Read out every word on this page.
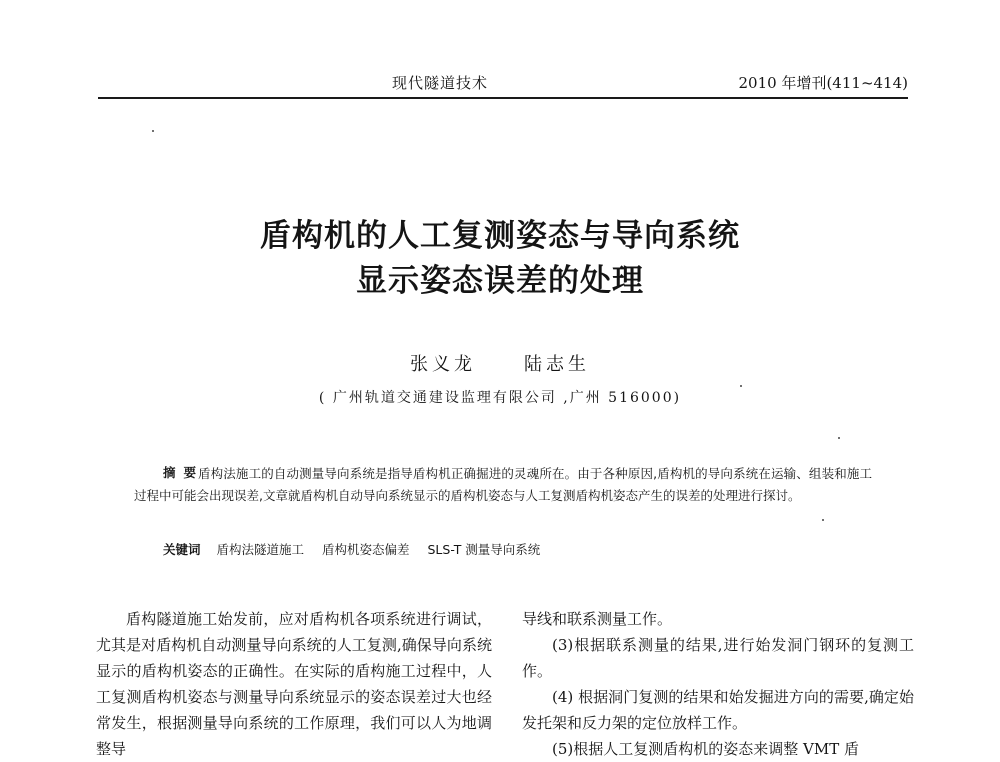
现代隧道技术	2010 年增刊(411~414)
盾构机的人工复测姿态与导向系统
显示姿态误差的处理
张义龙	陆志生
( 广州轨道交通建设监理有限公司 ,广州 516000)
摘要

盾构法施工的自动测量导向系统是指导盾构机正确掘进的灵魂所在。由于各种原因,盾构机的导向系统在运输、组装和施工过程中可能会出现误差,文章就盾构机自动导向系统显示的盾构机姿态与人工复测盾构机姿态产生的误差的处理进行探讨。

关键词 盾构法隧道施工 盾构机姿态偏差 SLS-T 测量导向系统

盾构隧道施工始发前，应对盾构机各项系统进行调试，尤其是对盾构机自动测量导向系统的人工复测,确保导向系统显示的盾构机姿态的正确性。在实际的盾构施工过程中，人工复测盾构机姿态与测量导向系统显示的姿态误差过大也经常发生，根据测量导向系统的工作原理，我们可以人为地调整导

导线和联系测量工作。

(3)根据联系测量的结果,进行始发洞门钢环的复测工作。

(4) 根据洞门复测的结果和始发掘进方向的需要,确定始发托架和反力架的定位放样工作。

(5)根据人工复测盾构机的姿态来调整 VMT 盾
